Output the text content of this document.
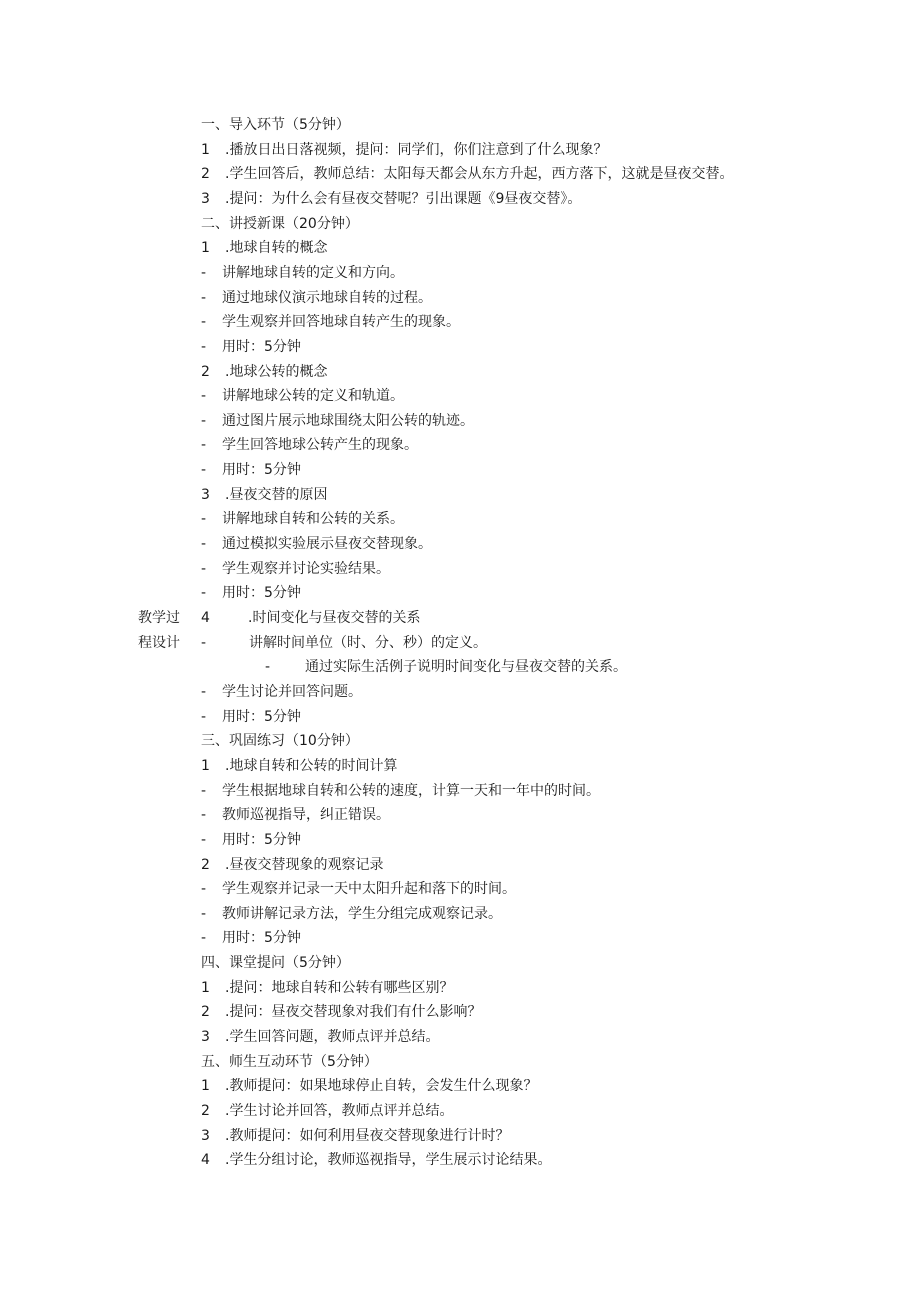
教学过
程设计
一、导入环节（5分钟）
1 .播放日出日落视频，提问：同学们，你们注意到了什么现象？
2 .学生回答后，教师总结：太阳每天都会从东方升起，西方落下，这就是昼夜交替。
3 .提问：为什么会有昼夜交替呢？引出课题《9昼夜交替》。
二、讲授新课（20分钟）
1 .地球自转的概念
- 讲解地球自转的定义和方向。
- 通过地球仪演示地球自转的过程。
- 学生观察并回答地球自转产生的现象。
- 用时：5分钟
2 .地球公转的概念
- 讲解地球公转的定义和轨道。
- 通过图片展示地球围绕太阳公转的轨迹。
- 学生回答地球公转产生的现象。
- 用时：5分钟
3 .昼夜交替的原因
- 讲解地球自转和公转的关系。
- 通过模拟实验展示昼夜交替现象。
- 学生观察并讨论实验结果。
- 用时：5分钟
4	.时间变化与昼夜交替的关系
-	讲解时间单位（时、分、秒）的定义。
- 通过实际生活例子说明时间变化与昼夜交替的关系。
- 学生讨论并回答问题。
- 用时：5分钟
三、巩固练习（10分钟）
1 .地球自转和公转的时间计算
- 学生根据地球自转和公转的速度，计算一天和一年中的时间。
- 教师巡视指导，纠正错误。
- 用时：5分钟
2 .昼夜交替现象的观察记录
- 学生观察并记录一天中太阳升起和落下的时间。
- 教师讲解记录方法，学生分组完成观察记录。
- 用时：5分钟
四、课堂提问（5分钟）
1 .提问：地球自转和公转有哪些区别？
2 .提问：昼夜交替现象对我们有什么影响？
3 .学生回答问题，教师点评并总结。
五、师生互动环节（5分钟）
1 .教师提问：如果地球停止自转，会发生什么现象？
2 .学生讨论并回答，教师点评并总结。
3 .教师提问：如何利用昼夜交替现象进行计时？
4 .学生分组讨论，教师巡视指导，学生展示讨论结果。
